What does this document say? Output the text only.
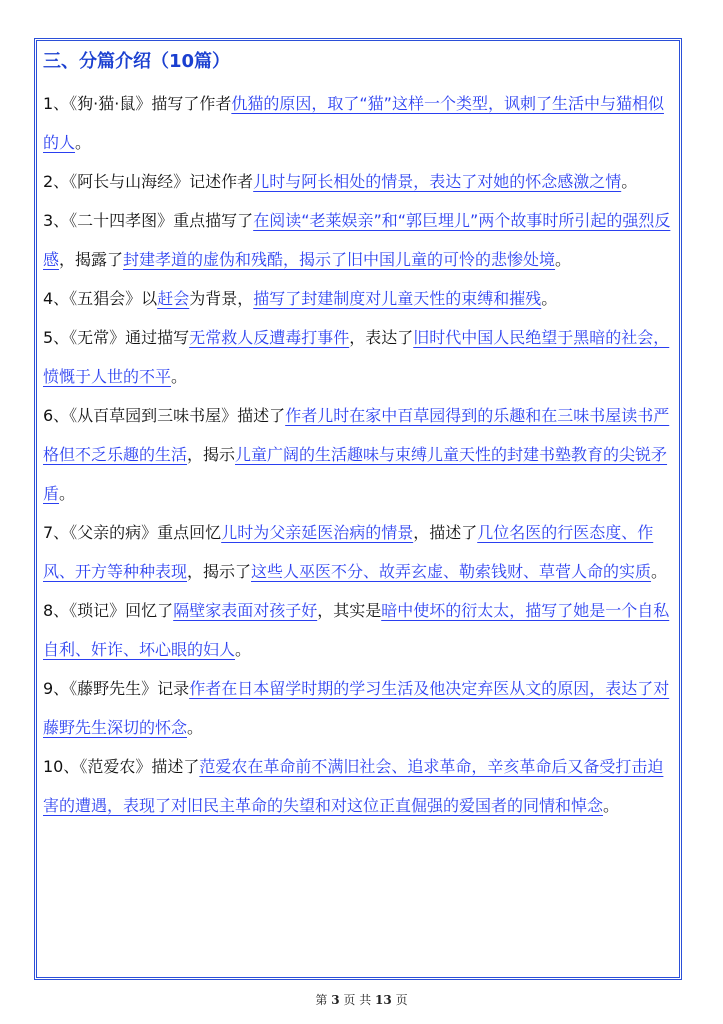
三、分篇介绍（10篇）

1、《狗·猫·鼠》描写了作者仇猫的原因，取了“猫”这样一个类型，讽刺了生活中与猫相似的人。

2、《阿长与山海经》记述作者儿时与阿长相处的情景，表达了对她的怀念感激之情。

3、《二十四孝图》重点描写了在阅读“老莱娱亲”和“郭巨埋儿”两个故事时所引起的强烈反感，揭露了封建孝道的虚伪和残酷，揭示了旧中国儿童的可怜的悲惨处境。

4、《五猖会》以赶会为背景，描写了封建制度对儿童天性的束缚和摧残。

5、《无常》通过描写无常救人反遭毒打事件，表达了旧时代中国人民绝望于黑暗的社会，愤慨于人世的不平。

6、《从百草园到三味书屋》描述了作者儿时在家中百草园得到的乐趣和在三味书屋读书严格但不乏乐趣的生活，揭示儿童广阔的生活趣味与束缚儿童天性的封建书塾教育的尖锐矛盾。

7、《父亲的病》重点回忆儿时为父亲延医治病的情景，描述了几位名医的行医态度、作风、开方等种种表现，揭示了这些人巫医不分、故弄玄虚、勒索钱财、草菅人命的实质。

8、《琐记》回忆了隔壁家表面对孩子好，其实是暗中使坏的衍太太，描写了她是一个自私自利、奸诈、坏心眼的妇人。

9、《藤野先生》记录作者在日本留学时期的学习生活及他决定弃医从文的原因，表达了对藤野先生深切的怀念。

10、《范爱农》描述了范爱农在革命前不满旧社会、追求革命，辛亥革命后又备受打击迫害的遭遇，表现了对旧民主革命的失望和对这位正直倔强的爱国者的同情和悼念。

第 3 页 共 13 页
